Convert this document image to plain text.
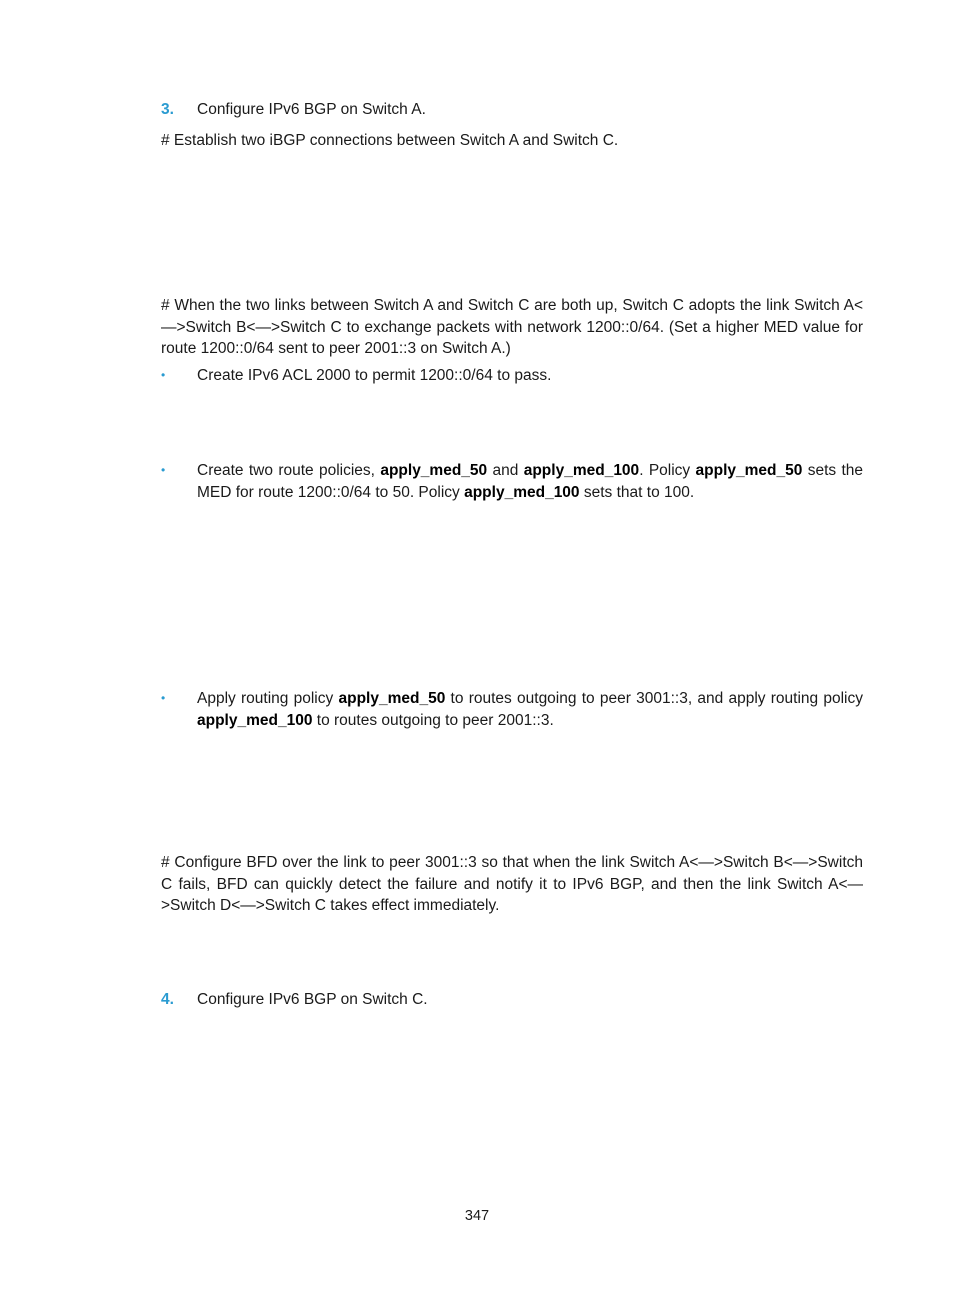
3. Configure IPv6 BGP on Switch A.
# Establish two iBGP connections between Switch A and Switch C.
# When the two links between Switch A and Switch C are both up, Switch C adopts the link Switch A<—>Switch B<—>Switch C to exchange packets with network 1200::0/64. (Set a higher MED value for route 1200::0/64 sent to peer 2001::3 on Switch A.)
• Create IPv6 ACL 2000 to permit 1200::0/64 to pass.
• Create two route policies, apply_med_50 and apply_med_100. Policy apply_med_50 sets the MED for route 1200::0/64 to 50. Policy apply_med_100 sets that to 100.
• Apply routing policy apply_med_50 to routes outgoing to peer 3001::3, and apply routing policy apply_med_100 to routes outgoing to peer 2001::3.
# Configure BFD over the link to peer 3001::3 so that when the link Switch A<—>Switch B<—>Switch C fails, BFD can quickly detect the failure and notify it to IPv6 BGP, and then the link Switch A<—>Switch D<—>Switch C takes effect immediately.
4. Configure IPv6 BGP on Switch C.
347
